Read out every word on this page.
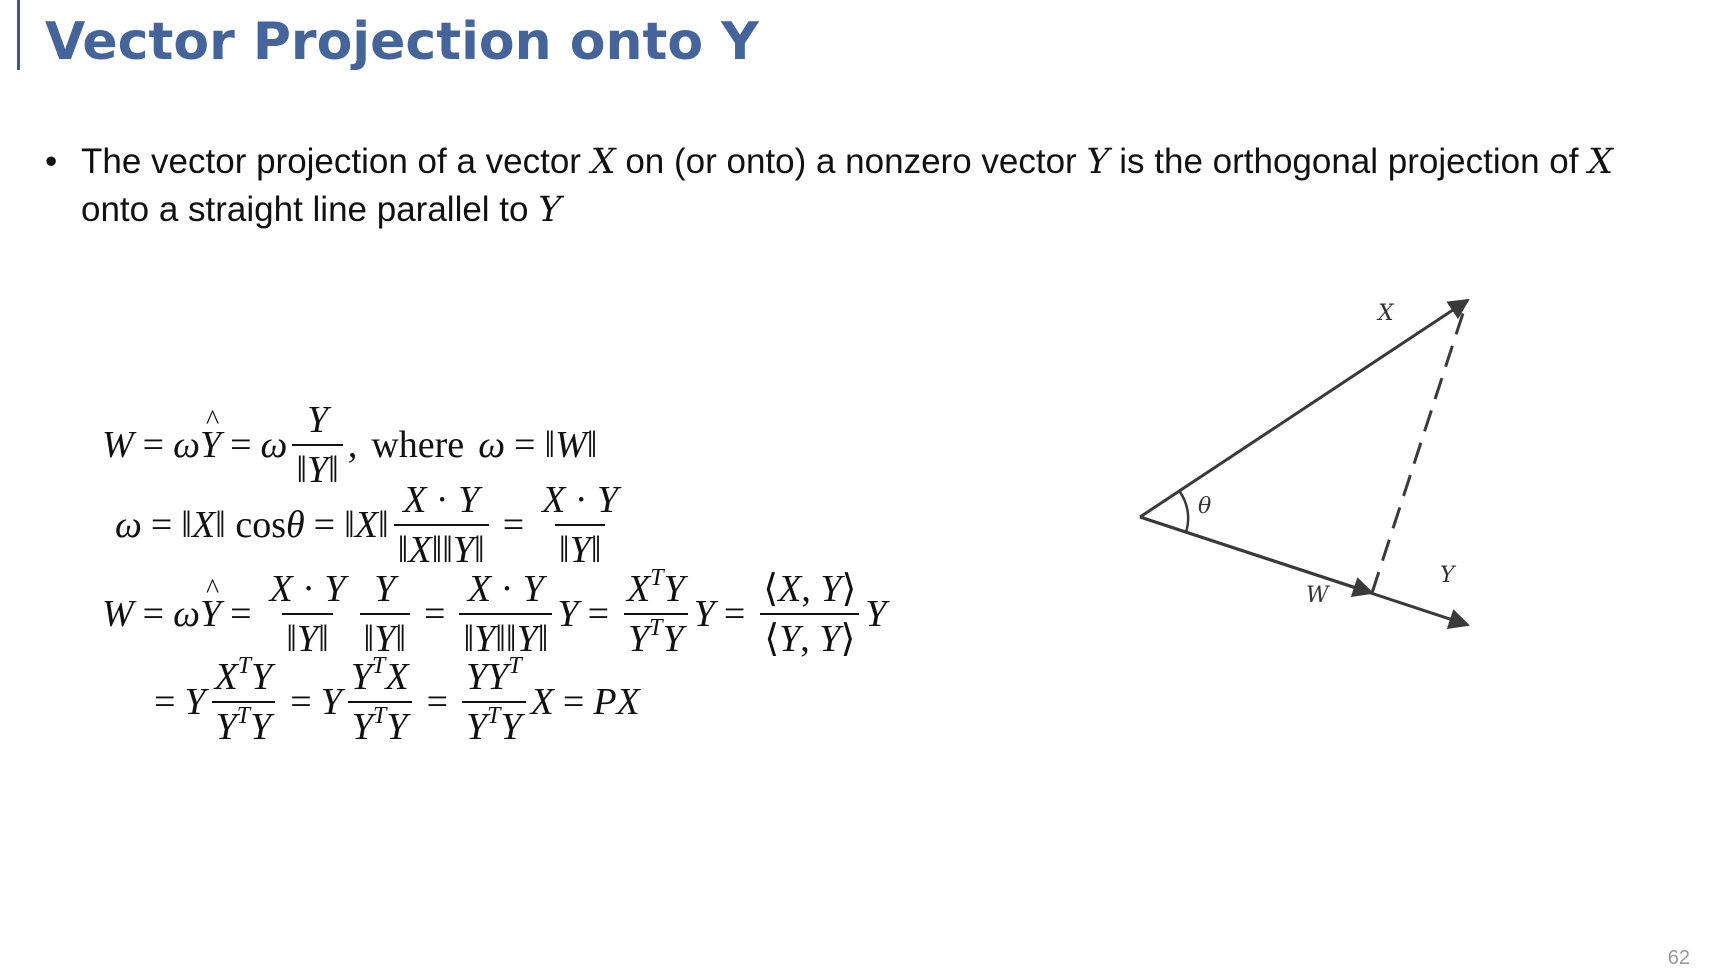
Vector Projection onto Y
• The vector projection of a vector X on (or onto) a nonzero vector Y is the orthogonal projection of X onto a straight line parallel to Y
W = ω ^ Y = ω $\frac{Y}{‖Y‖}$ ,
where ω = ‖ W ‖
ω = ‖ X ‖ cos θ = ‖ X ‖ $\frac{X \cdot Y}{‖X‖‖Y‖} = \frac{X \cdot Y}{‖Y‖}$
W = ω ^ $Y = \frac{X \cdot Y}{‖Y‖} \frac{Y}{‖Y‖} = \frac{X \cdot Y}{‖Y‖‖Y‖}$ $Y = \frac{X^TY}{Y^TY}$ $Y = \frac{⟨X, Y⟩}{⟨Y, Y⟩}$ Y
= Y $\frac{X^TY}{Y^TY} = Y \frac{Y^TX}{Y^TY} = \frac{YY^T}{Y^TY}$ X = P X
θ
X
Y
W
62
